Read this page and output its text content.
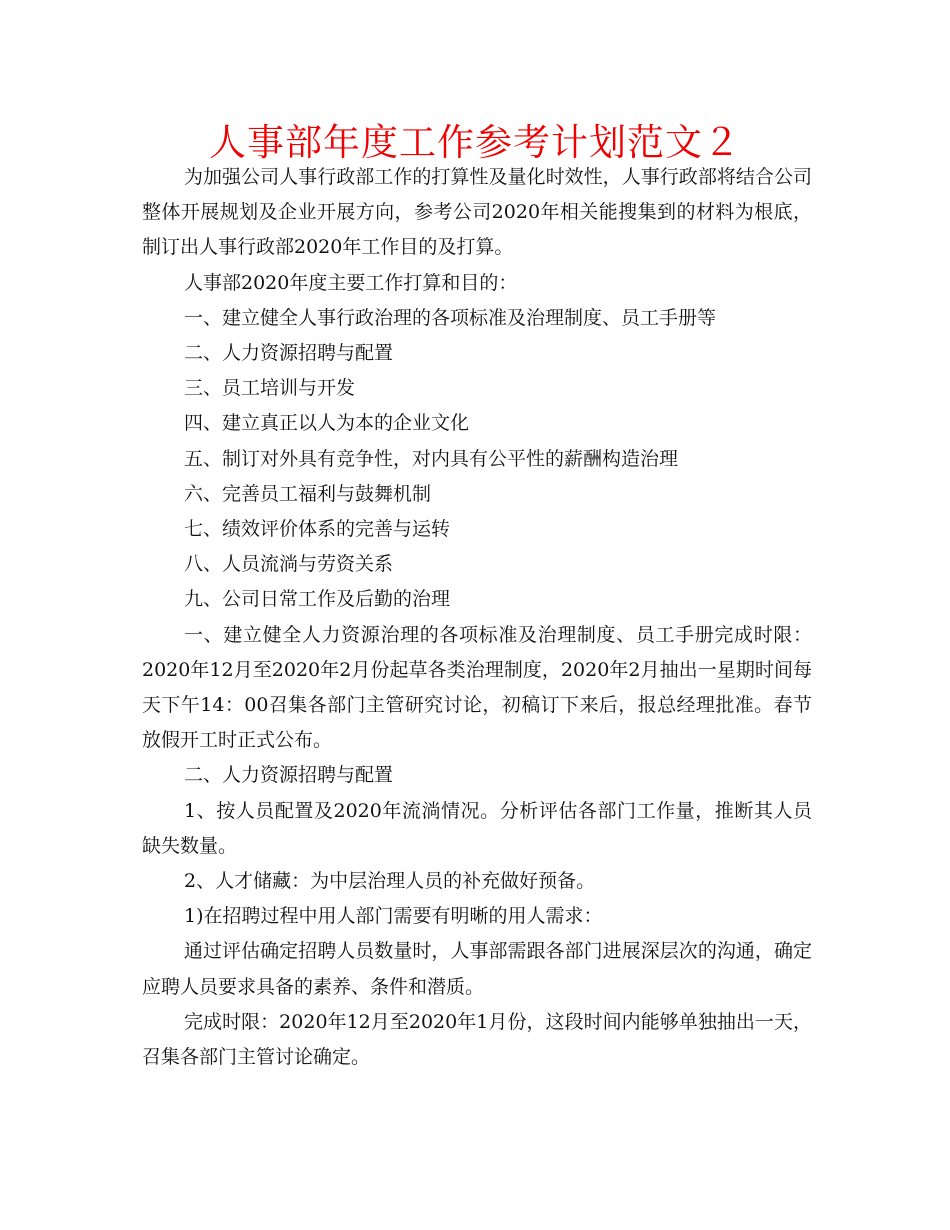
人事部年度工作参考计划范文２

为加强公司人事行政部工作的打算性及量化时效性，人事行政部将结合公司整体开展规划及企业开展方向，参考公司2020年相关能搜集到的材料为根底，制订出人事行政部2020年工作目的及打算。

人事部2020年度主要工作打算和目的：

一、建立健全人事行政治理的各项标准及治理制度、员工手册等

二、人力资源招聘与配置

三、员工培训与开发

四、建立真正以人为本的企业文化

五、制订对外具有竞争性，对内具有公平性的薪酬构造治理

六、完善员工福利与鼓舞机制

七、绩效评价体系的完善与运转

八、人员流淌与劳资关系

九、公司日常工作及后勤的治理

一、建立健全人力资源治理的各项标准及治理制度、员工手册完成时限：2020年12月至2020年2月份起草各类治理制度，2020年2月抽出一星期时间每天下午14：00召集各部门主管研究讨论，初稿订下来后，报总经理批准。春节放假开工时正式公布。

二、人力资源招聘与配置

1、按人员配置及2020年流淌情况。分析评估各部门工作量，推断其人员缺失数量。

2、人才储藏：为中层治理人员的补充做好预备。

1)在招聘过程中用人部门需要有明晰的用人需求：

通过评估确定招聘人员数量时，人事部需跟各部门进展深层次的沟通，确定应聘人员要求具备的素养、条件和潜质。

完成时限：2020年12月至2020年1月份，这段时间内能够单独抽出一天，召集各部门主管讨论确定。
